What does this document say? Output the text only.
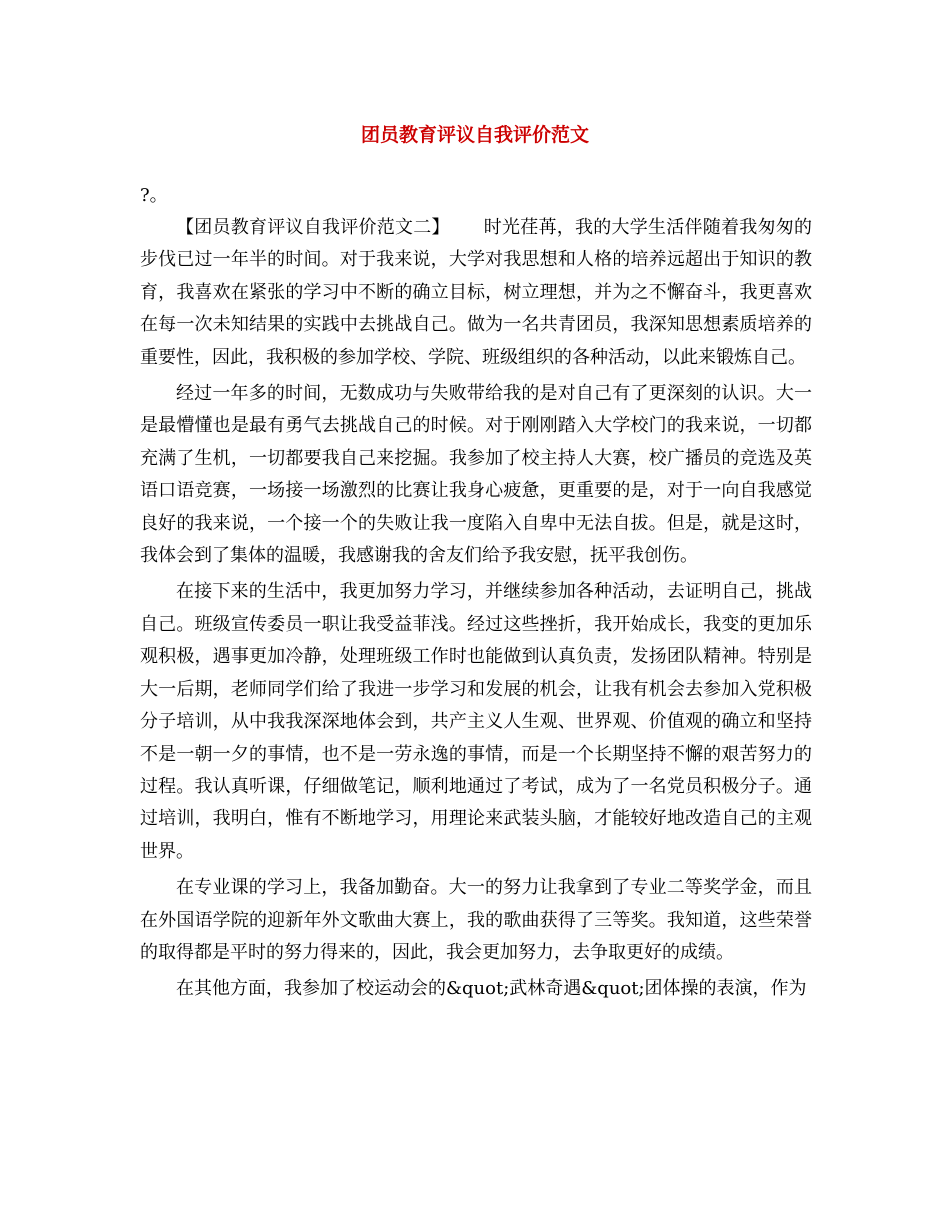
团员教育评议自我评价范文
?。

【团员教育评议自我评价范文二】 时光荏苒，我的大学生活伴随着我匆匆的步伐已过一年半的时间。对于我来说，大学对我思想和人格的培养远超出于知识的教育，我喜欢在紧张的学习中不断的确立目标，树立理想，并为之不懈奋斗，我更喜欢在每一次未知结果的实践中去挑战自己。做为一名共青团员，我深知思想素质培养的重要性，因此，我积极的参加学校、学院、班级组织的各种活动，以此来锻炼自己。

经过一年多的时间，无数成功与失败带给我的是对自己有了更深刻的认识。大一是最懵懂也是最有勇气去挑战自己的时候。对于刚刚踏入大学校门的我来说，一切都充满了生机，一切都要我自己来挖掘。我参加了校主持人大赛，校广播员的竞选及英语口语竞赛，一场接一场激烈的比赛让我身心疲惫，更重要的是，对于一向自我感觉良好的我来说，一个接一个的失败让我一度陷入自卑中无法自拔。但是，就是这时，我体会到了集体的温暖，我感谢我的舍友们给予我安慰，抚平我创伤。

在接下来的生活中，我更加努力学习，并继续参加各种活动，去证明自己，挑战自己。班级宣传委员一职让我受益菲浅。经过这些挫折，我开始成长，我变的更加乐观积极，遇事更加冷静，处理班级工作时也能做到认真负责，发扬团队精神。特别是大一后期，老师同学们给了我进一步学习和发展的机会，让我有机会去参加入党积极分子培训，从中我我深深地体会到，共产主义人生观、世界观、价值观的确立和坚持不是一朝一夕的事情，也不是一劳永逸的事情，而是一个长期坚持不懈的艰苦努力的过程。我认真听课，仔细做笔记，顺利地通过了考试，成为了一名党员积极分子。通过培训，我明白，惟有不断地学习，用理论来武装头脑，才能较好地改造自己的主观世界。

在专业课的学习上，我备加勤奋。大一的努力让我拿到了专业二等奖学金，而且在外国语学院的迎新年外文歌曲大赛上，我的歌曲获得了三等奖。我知道，这些荣誉的取得都是平时的努力得来的，因此，我会更加努力，去争取更好的成绩。

在其他方面，我参加了校运动会的&quot;武林奇遇&quot;团体操的表演，作为
